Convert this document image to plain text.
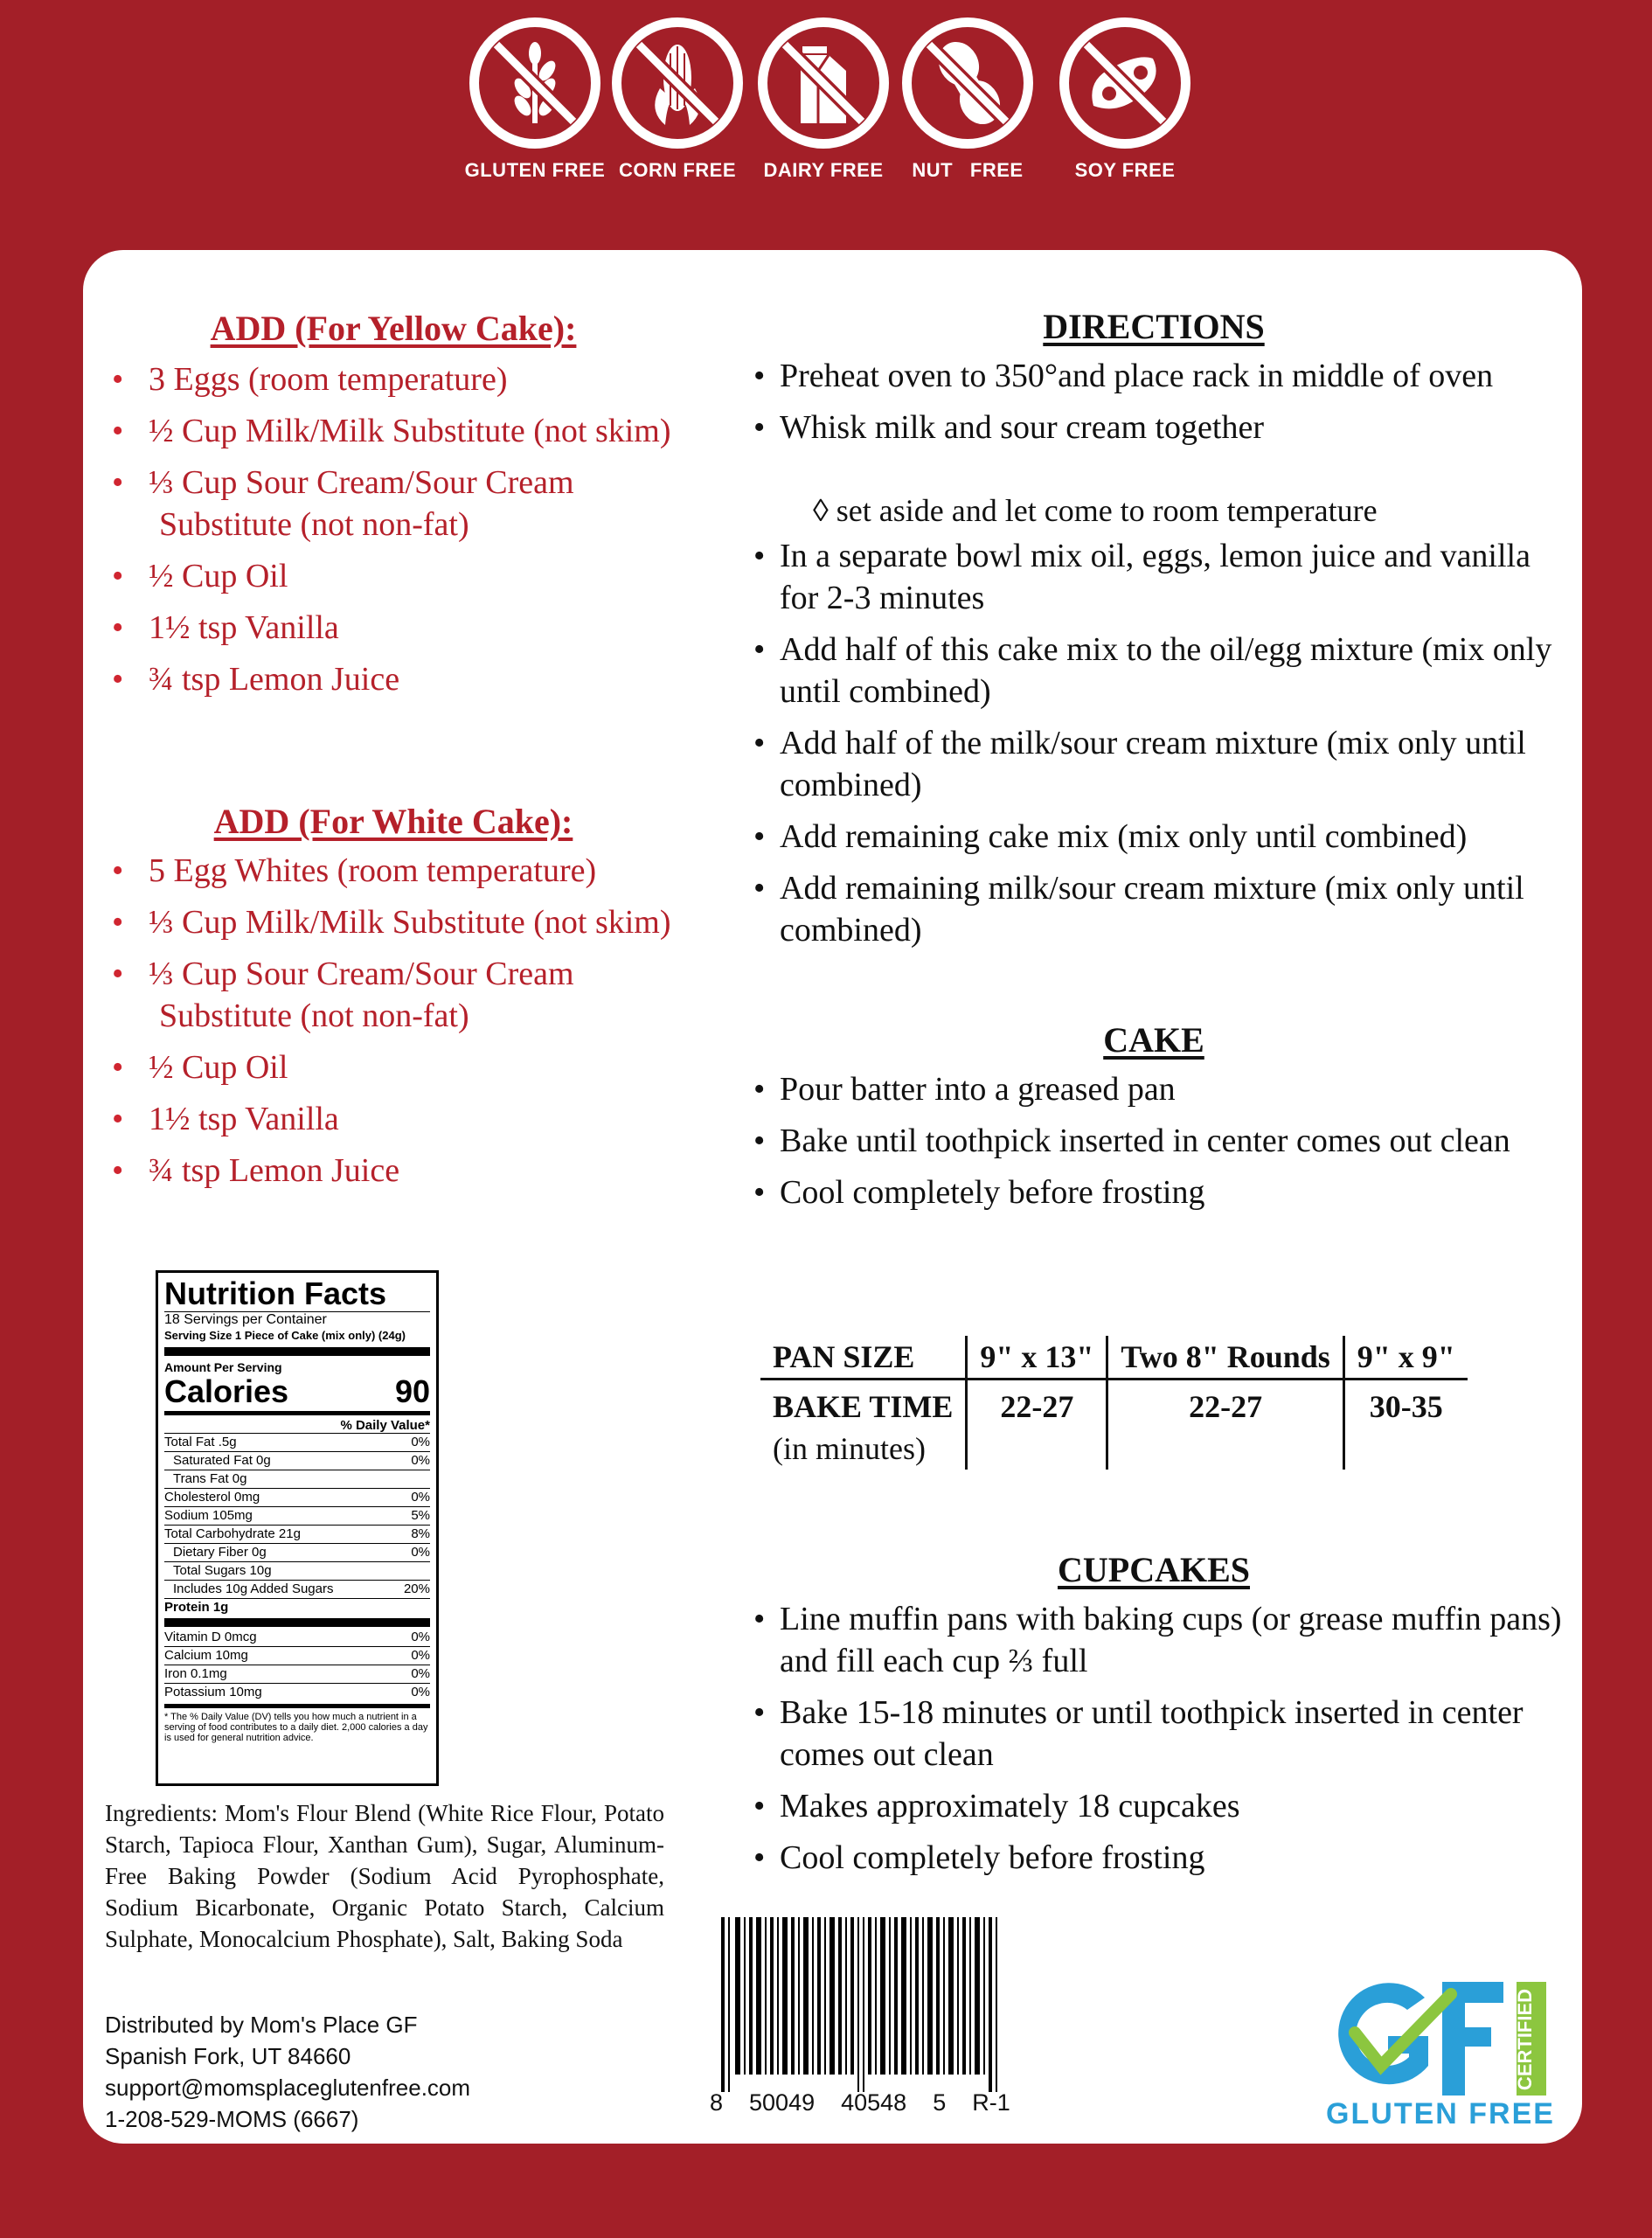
GLUTEN FREE CORN FREE	DAIRY FREE	NUT   FREE	SOY FREE
ADD (For Yellow Cake):
• 3 Eggs (room temperature)
• ½ Cup Milk/Milk Substitute (not skim)
• ⅓ Cup Sour Cream/Sour Cream Substitute (not non-fat)
• ½ Cup Oil
• 1½ tsp Vanilla
• ¾ tsp Lemon Juice
ADD (For White Cake):
• 5 Egg Whites (room temperature)
• ⅓ Cup Milk/Milk Substitute (not skim)
• ⅓ Cup Sour Cream/Sour Cream Substitute (not non-fat)
• ½ Cup Oil
• 1½ tsp Vanilla
• ¾ tsp Lemon Juice
DIRECTIONS
• Preheat oven to 350°and place rack in middle of oven
• Whisk milk and sour cream together
◊ set aside and let come to room temperature
• In a separate bowl mix oil, eggs, lemon juice and vanilla for 2-3 minutes
• Add half of this cake mix to the oil/egg mixture (mix only until combined)
• Add half of the milk/sour cream mixture (mix only until combined)
• Add remaining cake mix (mix only until combined)
• Add remaining milk/sour cream mixture (mix only until combined)
CAKE
• Pour batter into a greased pan
• Bake until toothpick inserted in center comes out clean
• Cool completely before frosting
PAN SIZE	9" x 13"	Two 8" Rounds	9" x 9"

BAKE TIME
(in minutes)	22-27	22-27	30-35
CUPCAKES
• Line muffin pans with baking cups (or grease muffin pans) and fill each cup ⅔ full
• Bake 15-18 minutes or until toothpick inserted in center comes out clean
• Makes approximately 18 cupcakes
• Cool completely before frosting
Nutrition Facts
18 Servings per Container
Serving Size 1 Piece of Cake (mix only) (24g)
Amount Per Serving
Calories	90
% Daily Value*
Total Fat .5g	0%
Saturated Fat 0g	0%
Trans Fat 0g
Cholesterol 0mg	0%
Sodium 105mg	5%
Total Carbohydrate 21g	8%
Dietary Fiber 0g	0%
Total Sugars 10g
Includes 10g Added Sugars	20%
Protein 1g
Vitamin D 0mcg	0%
Calcium 10mg	0%
Iron 0.1mg	0%
Potassium 10mg	0%
* The % Daily Value (DV) tells you how much a nutrient in a serving of food contributes to a daily diet. 2,000 calories a day is used for general nutrition advice.
Ingredients: Mom's Flour Blend (White Rice Flour, Potato Starch, Tapioca Flour, Xanthan Gum), Sugar, Aluminum-Free Baking Powder (Sodium Acid Pyrophosphate, Sodium Bicarbonate, Organic Potato Starch, Calcium Sulphate, Monocalcium Phosphate), Salt, Baking Soda
Distributed by Mom's Place GF
Spanish Fork, UT 84660
support@momsplaceglutenfree.com
1-208-529-MOMS (6667)
8    50049    40548    5    R-1
CERTIFIED
GLUTEN FREE
